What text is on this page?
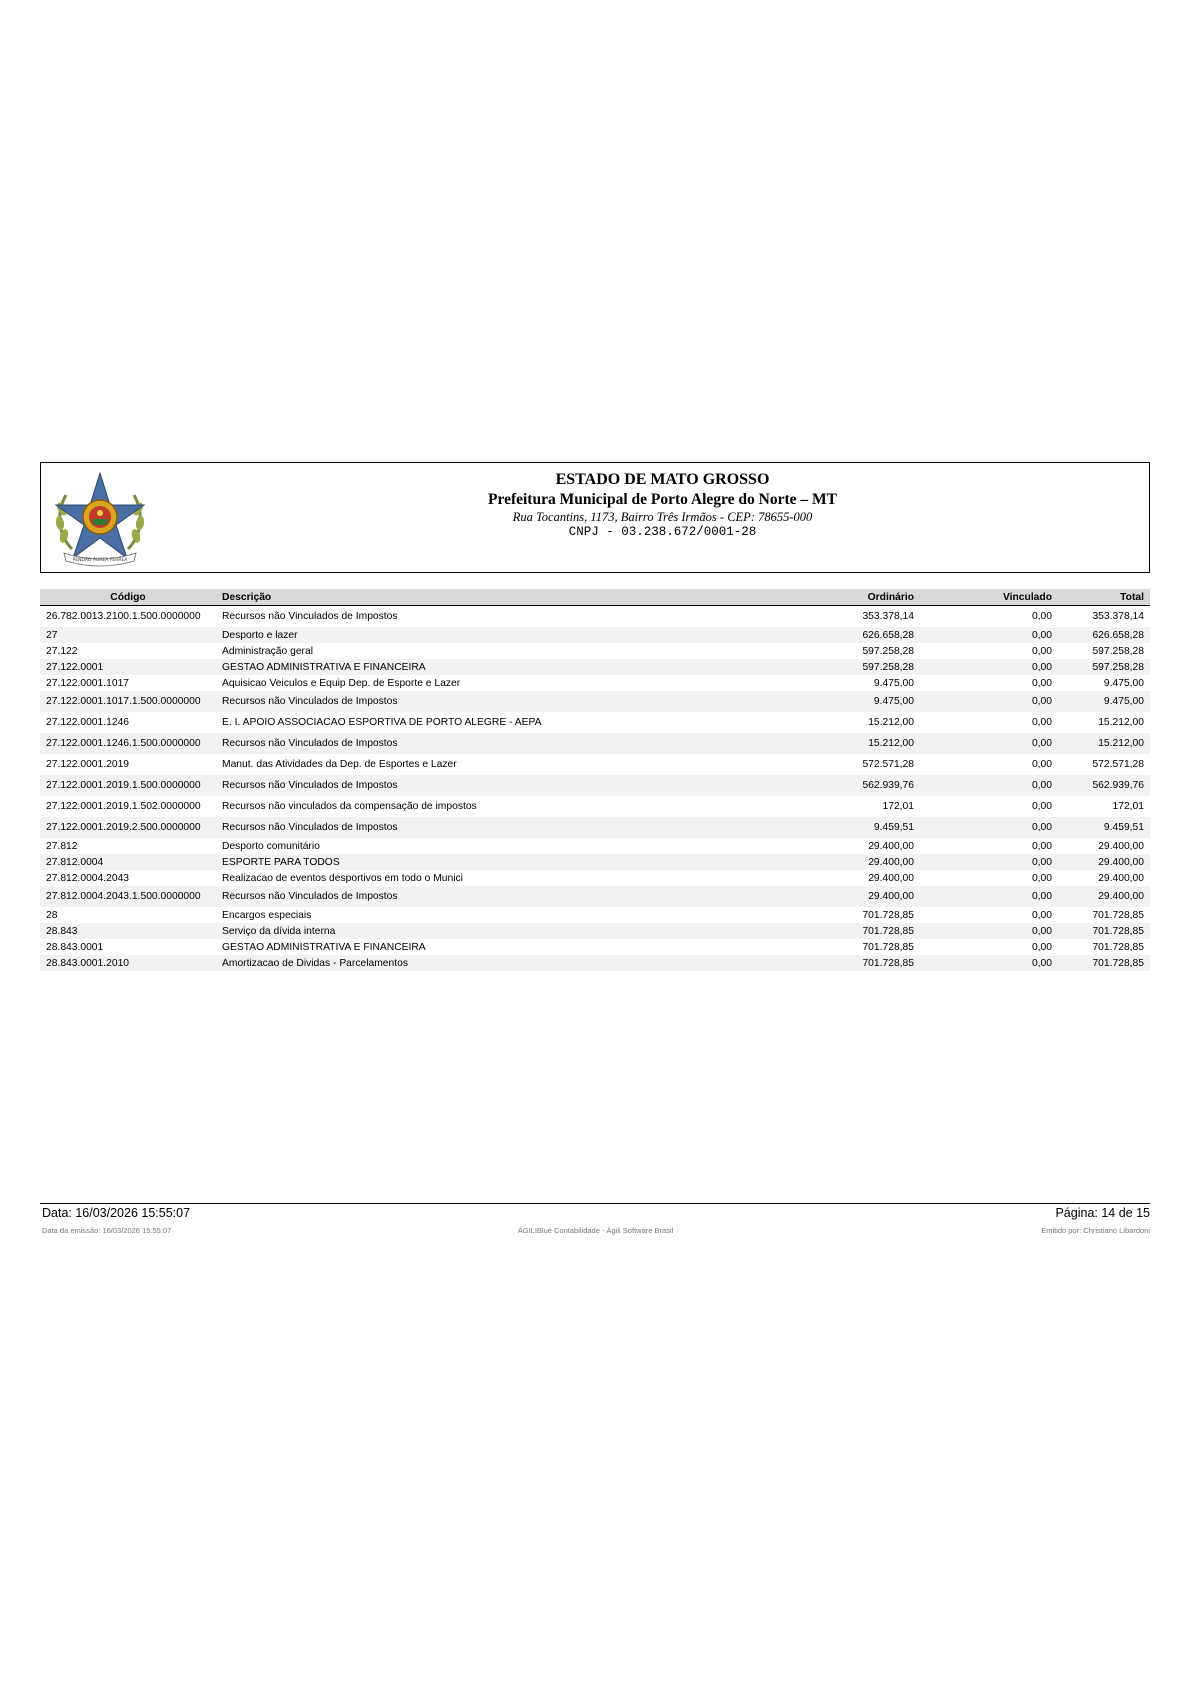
PENDÃO ÁUREA FERREA
ESTADO DE MATO GROSSO
Prefeitura Municipal de Porto Alegre do Norte – MT
Rua Tocantins, 1173, Bairro Três Irmãos - CEP: 78655-000
CNPJ - 03.238.672/0001-28
Código	Descrição	Ordinário	Vinculado	Total
26.782.0013.2100.1.500.0000000	Recursos não Vinculados de Impostos	353.378,14	0,00	353.378,14
27	Desporto e lazer	626.658,28	0,00	626.658,28
27.122	Administração geral	597.258,28	0,00	597.258,28
27.122.0001	GESTAO ADMINISTRATIVA E FINANCEIRA	597.258,28	0,00	597.258,28
27.122.0001.1017	Aquisicao Veiculos e Equip Dep. de Esporte e Lazer	9.475,00	0,00	9.475,00
27.122.0001.1017.1.500.0000000	Recursos não Vinculados de Impostos	9.475,00	0,00	9.475,00
27.122.0001.1246	E. I. APOIO ASSOCIACAO ESPORTIVA DE PORTO ALEGRE - AEPA	15.212,00	0,00	15.212,00
27.122.0001.1246.1.500.0000000	Recursos não Vinculados de Impostos	15.212,00	0,00	15.212,00
27.122.0001.2019	Manut. das Atividades da Dep. de Esportes e Lazer	572.571,28	0,00	572.571,28
27.122.0001.2019.1.500.0000000	Recursos não Vinculados de Impostos	562.939,76	0,00	562.939,76
27.122.0001.2019.1.502.0000000	Recursos não vinculados da compensação de impostos	172,01	0,00	172,01
27.122.0001.2019.2.500.0000000	Recursos não Vinculados de Impostos	9.459,51	0,00	9.459,51
27.812	Desporto comunitário	29.400,00	0,00	29.400,00
27.812.0004	ESPORTE PARA TODOS	29.400,00	0,00	29.400,00
27.812.0004.2043	Realizacao de eventos desportivos em todo o Munici	29.400,00	0,00	29.400,00
27.812.0004.2043.1.500.0000000	Recursos não Vinculados de Impostos	29.400,00	0,00	29.400,00
28	Encargos especiais	701.728,85	0,00	701.728,85
28.843	Serviço da dívida interna	701.728,85	0,00	701.728,85
28.843.0001	GESTAO ADMINISTRATIVA E FINANCEIRA	701.728,85	0,00	701.728,85
28.843.0001.2010	Amortizacao de Dividas - Parcelamentos	701.728,85	0,00	701.728,85
Data: 16/03/2026 15:55:07	Página: 14 de 15
Data da emissão: 16/03/2026 15:55:07	ÁGILIBlue Contabilidade - Ágili Software Brasil	Emitido por: Christiano Libardoni
